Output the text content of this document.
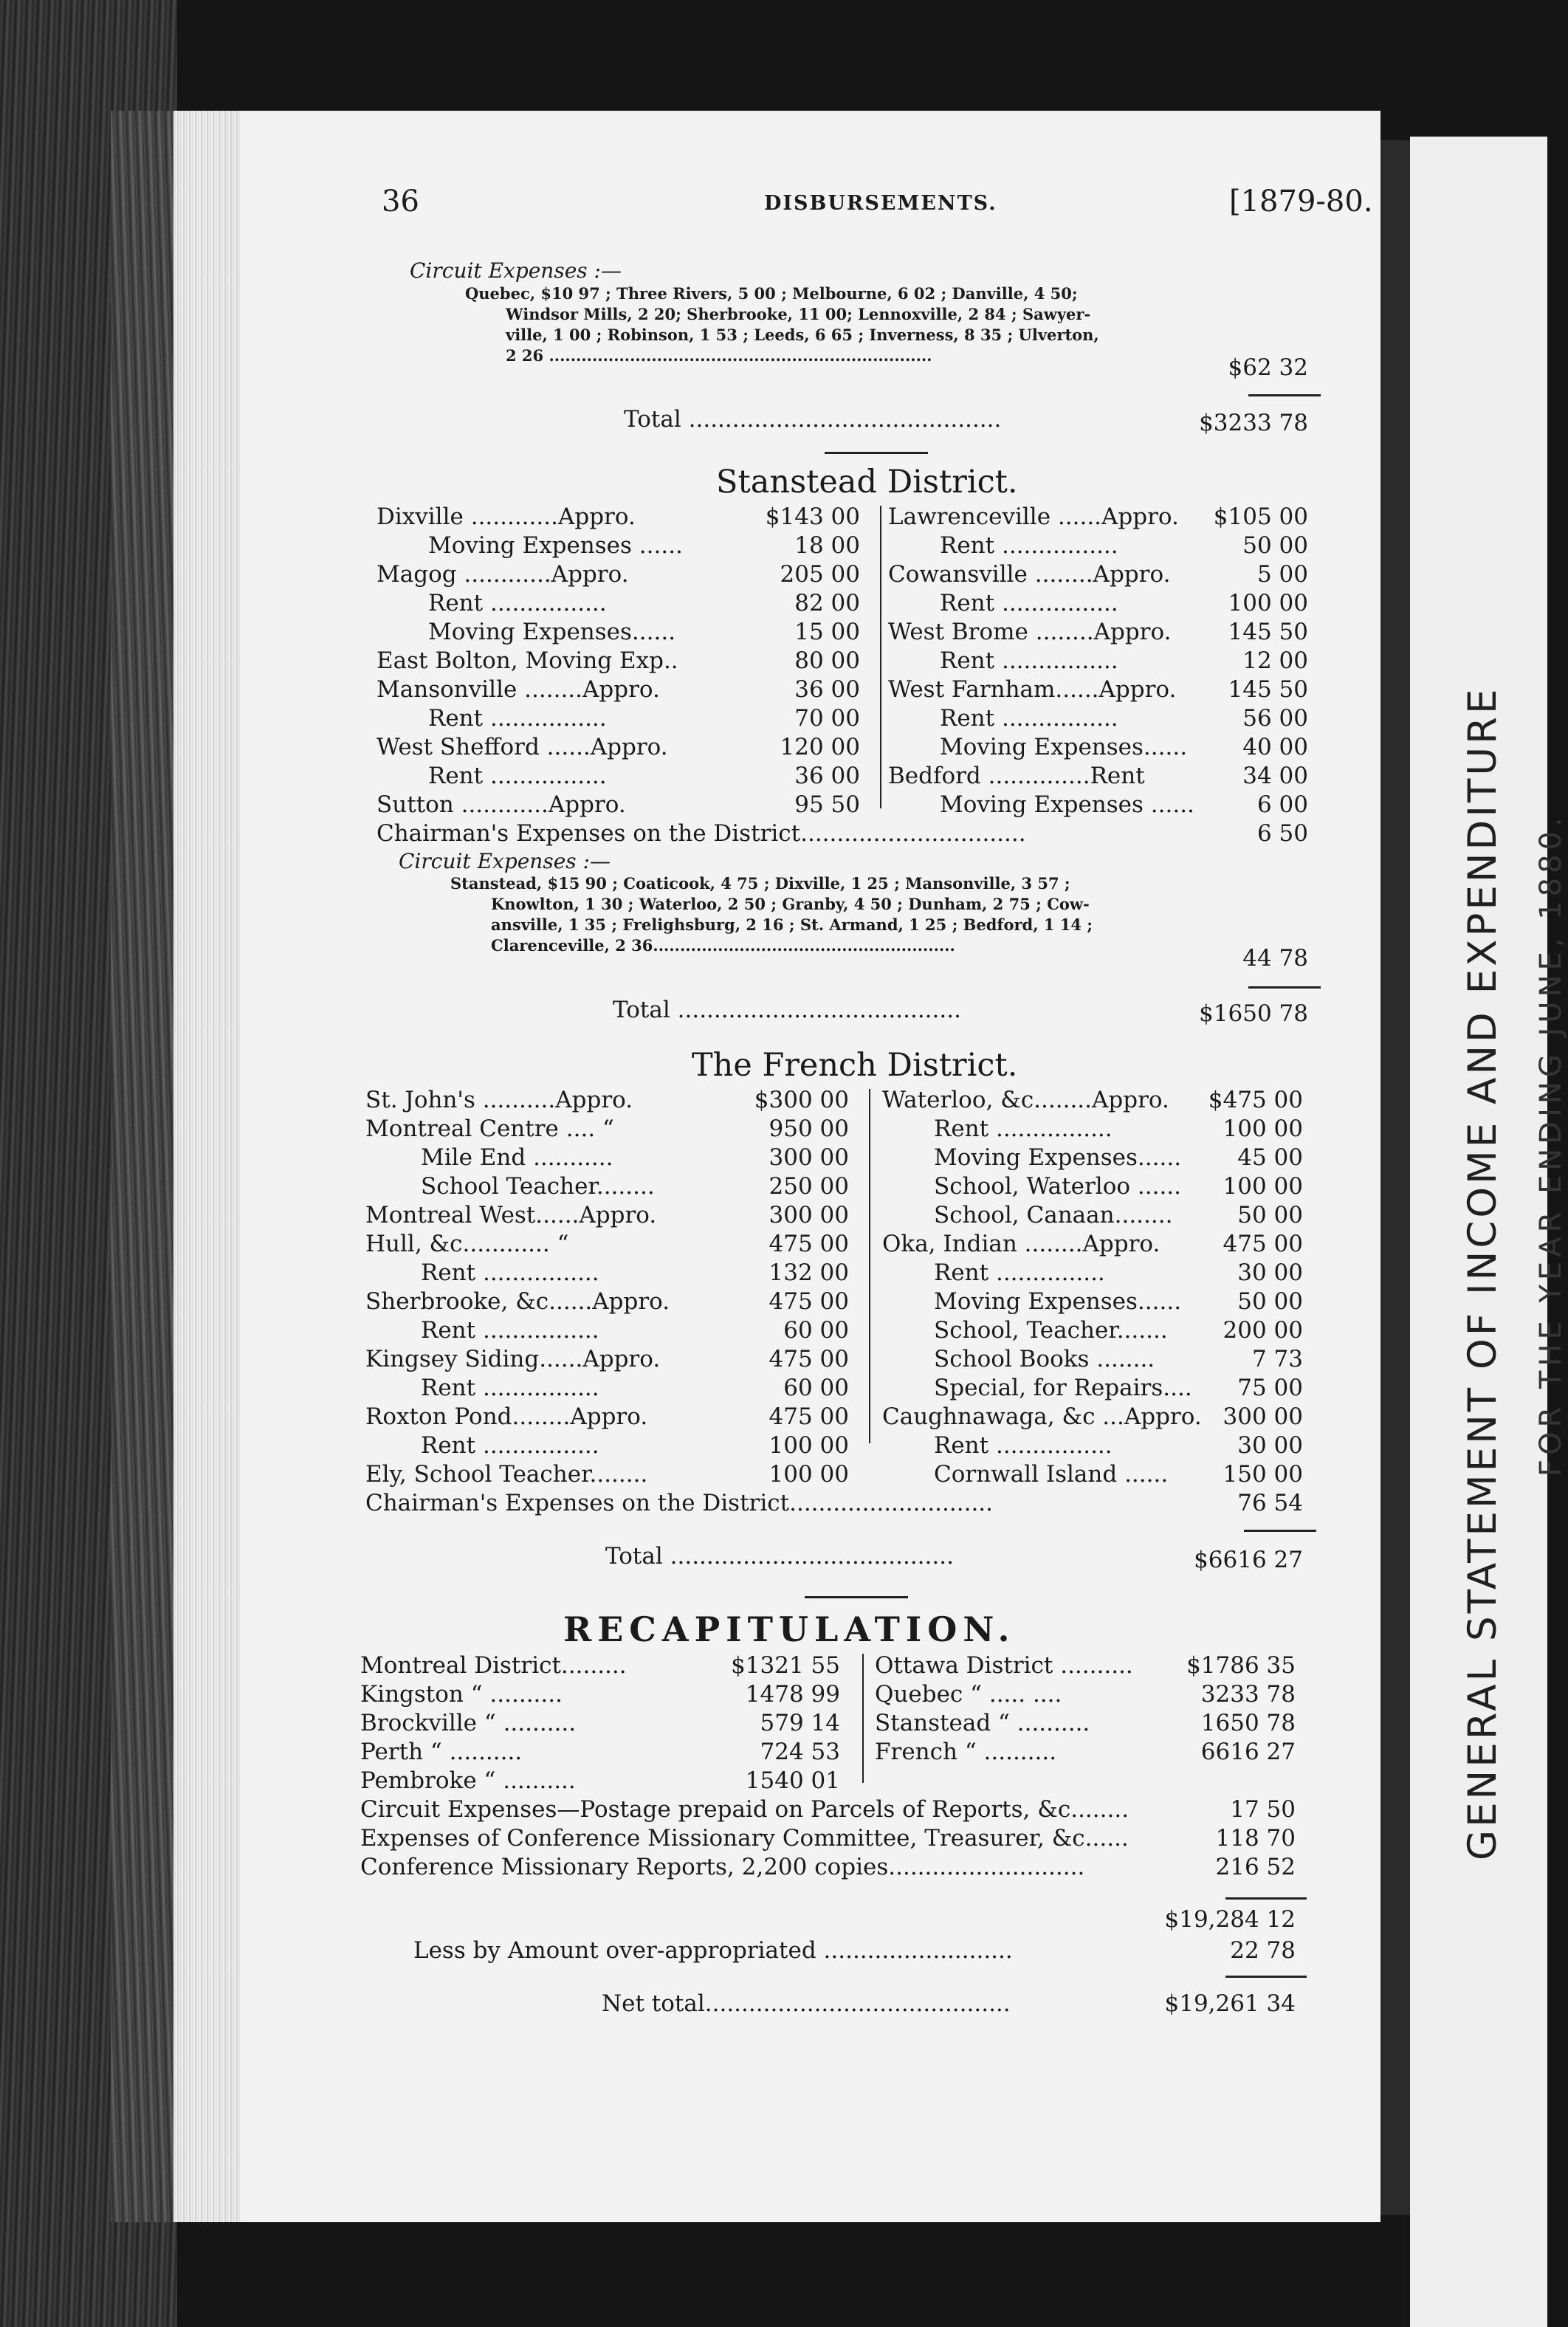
GENERAL STATEMENT OF INCOME AND EXPENDITURE FOR THE YEAR ENDING JUNE, 1880.
36	DISBURSEMENTS.	[1879-80.
Circuit Expenses :—
Quebec, $10 97 ; Three Rivers, 5 00 ; Melbourne, 6 02 ; Danville, 4 50;
Windsor Mills, 2 20; Sherbrooke, 11 00; Lennoxville, 2 84 ; Sawyer-
ville, 1 00 ; Robinson, 1 53 ; Leeds, 6 65 ; Inverness, 8 35 ; Ulverton,
2 26 .......................................................................	$62 32
Total ...........................................	$3233 78
Stanstead District.
Dixville ............Appro.	$143 00
Moving Expenses ......	18 00
Magog ............Appro.	205 00
Rent ................	82 00
Moving Expenses......	15 00
East Bolton, Moving Exp..	80 00
Mansonville ........Appro.	36 00
Rent ................	70 00
West Shefford ......Appro.	120 00
Rent ................	36 00
Sutton ............Appro.	95 50
Lawrenceville ......Appro. $105 00
Rent ................	50 00
Cowansville ........Appro.	5 00
Rent ................	100 00
West Brome ........Appro. 145 50
Rent ................	12 00
West Farnham......Appro. 145 50
Rent ................	56 00
Moving Expenses...... 40 00
Bedford ..............Rent	34 00
Moving Expenses ......	6 00
Chairman's Expenses on the District...............................	6 50
Circuit Expenses :—
Stanstead, $15 90 ; Coaticook, 4 75 ; Dixville, 1 25 ; Mansonville, 3 57 ;
Knowlton, 1 30 ; Waterloo, 2 50 ; Granby, 4 50 ; Dunham, 2 75 ; Cow-
ansville, 1 35 ; Frelighsburg, 2 16 ; St. Armand, 1 25 ; Bedford, 1 14 ;
Clarenceville, 2 36........................................................	44 78
Total .......................................	$1650 78
The French District.
St. John's ..........Appro.	$300 00
Montreal Centre .... “	950 00
Mile End ...........	300 00
School Teacher........	250 00
Montreal West......Appro.	300 00
Hull, &c............ “	475 00
Rent ................	132 00
Sherbrooke, &c......Appro.	475 00
Rent ................	60 00
Kingsey Siding......Appro.	475 00
Rent ................	60 00
Roxton Pond........Appro.	475 00
Rent ................	100 00
Ely, School Teacher........	100 00
Waterloo, &c........Appro. $475 00
Rent ................	100 00
Moving Expenses...... 45 00
School, Waterloo ...... 100 00
School, Canaan........	50 00
Oka, Indian ........Appro.	475 00
Rent ...............	30 00
Moving Expenses...... 50 00
School, Teacher....... 200 00
School Books ........	7 73
Special, for Repairs.... 75 00
Caughnawaga, &c ...Appro. 300 00
Rent ................	30 00
Cornwall Island ...... 150 00
Chairman's Expenses on the District............................	76 54
Total .......................................	$6616 27
RECAPITULATION.
Montreal District.........	$1321 55
Kingston “ ..........	1478 99
Brockville “ ..........	579 14
Perth “ ..........	724 53
Pembroke “ ..........	1540 01
Ottawa District .......... $1786 35
Quebec “ ..... ....	3233 78
Stanstead “ ..........	1650 78
French “ ..........	6616 27
Circuit Expenses—Postage prepaid on Parcels of Reports, &c........	17 50
Expenses of Conference Missionary Committee, Treasurer, &c......	118 70
Conference Missionary Reports, 2,200 copies...........................	216 52
$19,284 12
Less by Amount over-appropriated ..........................	22 78
Net total..........................................	$19,261 34
